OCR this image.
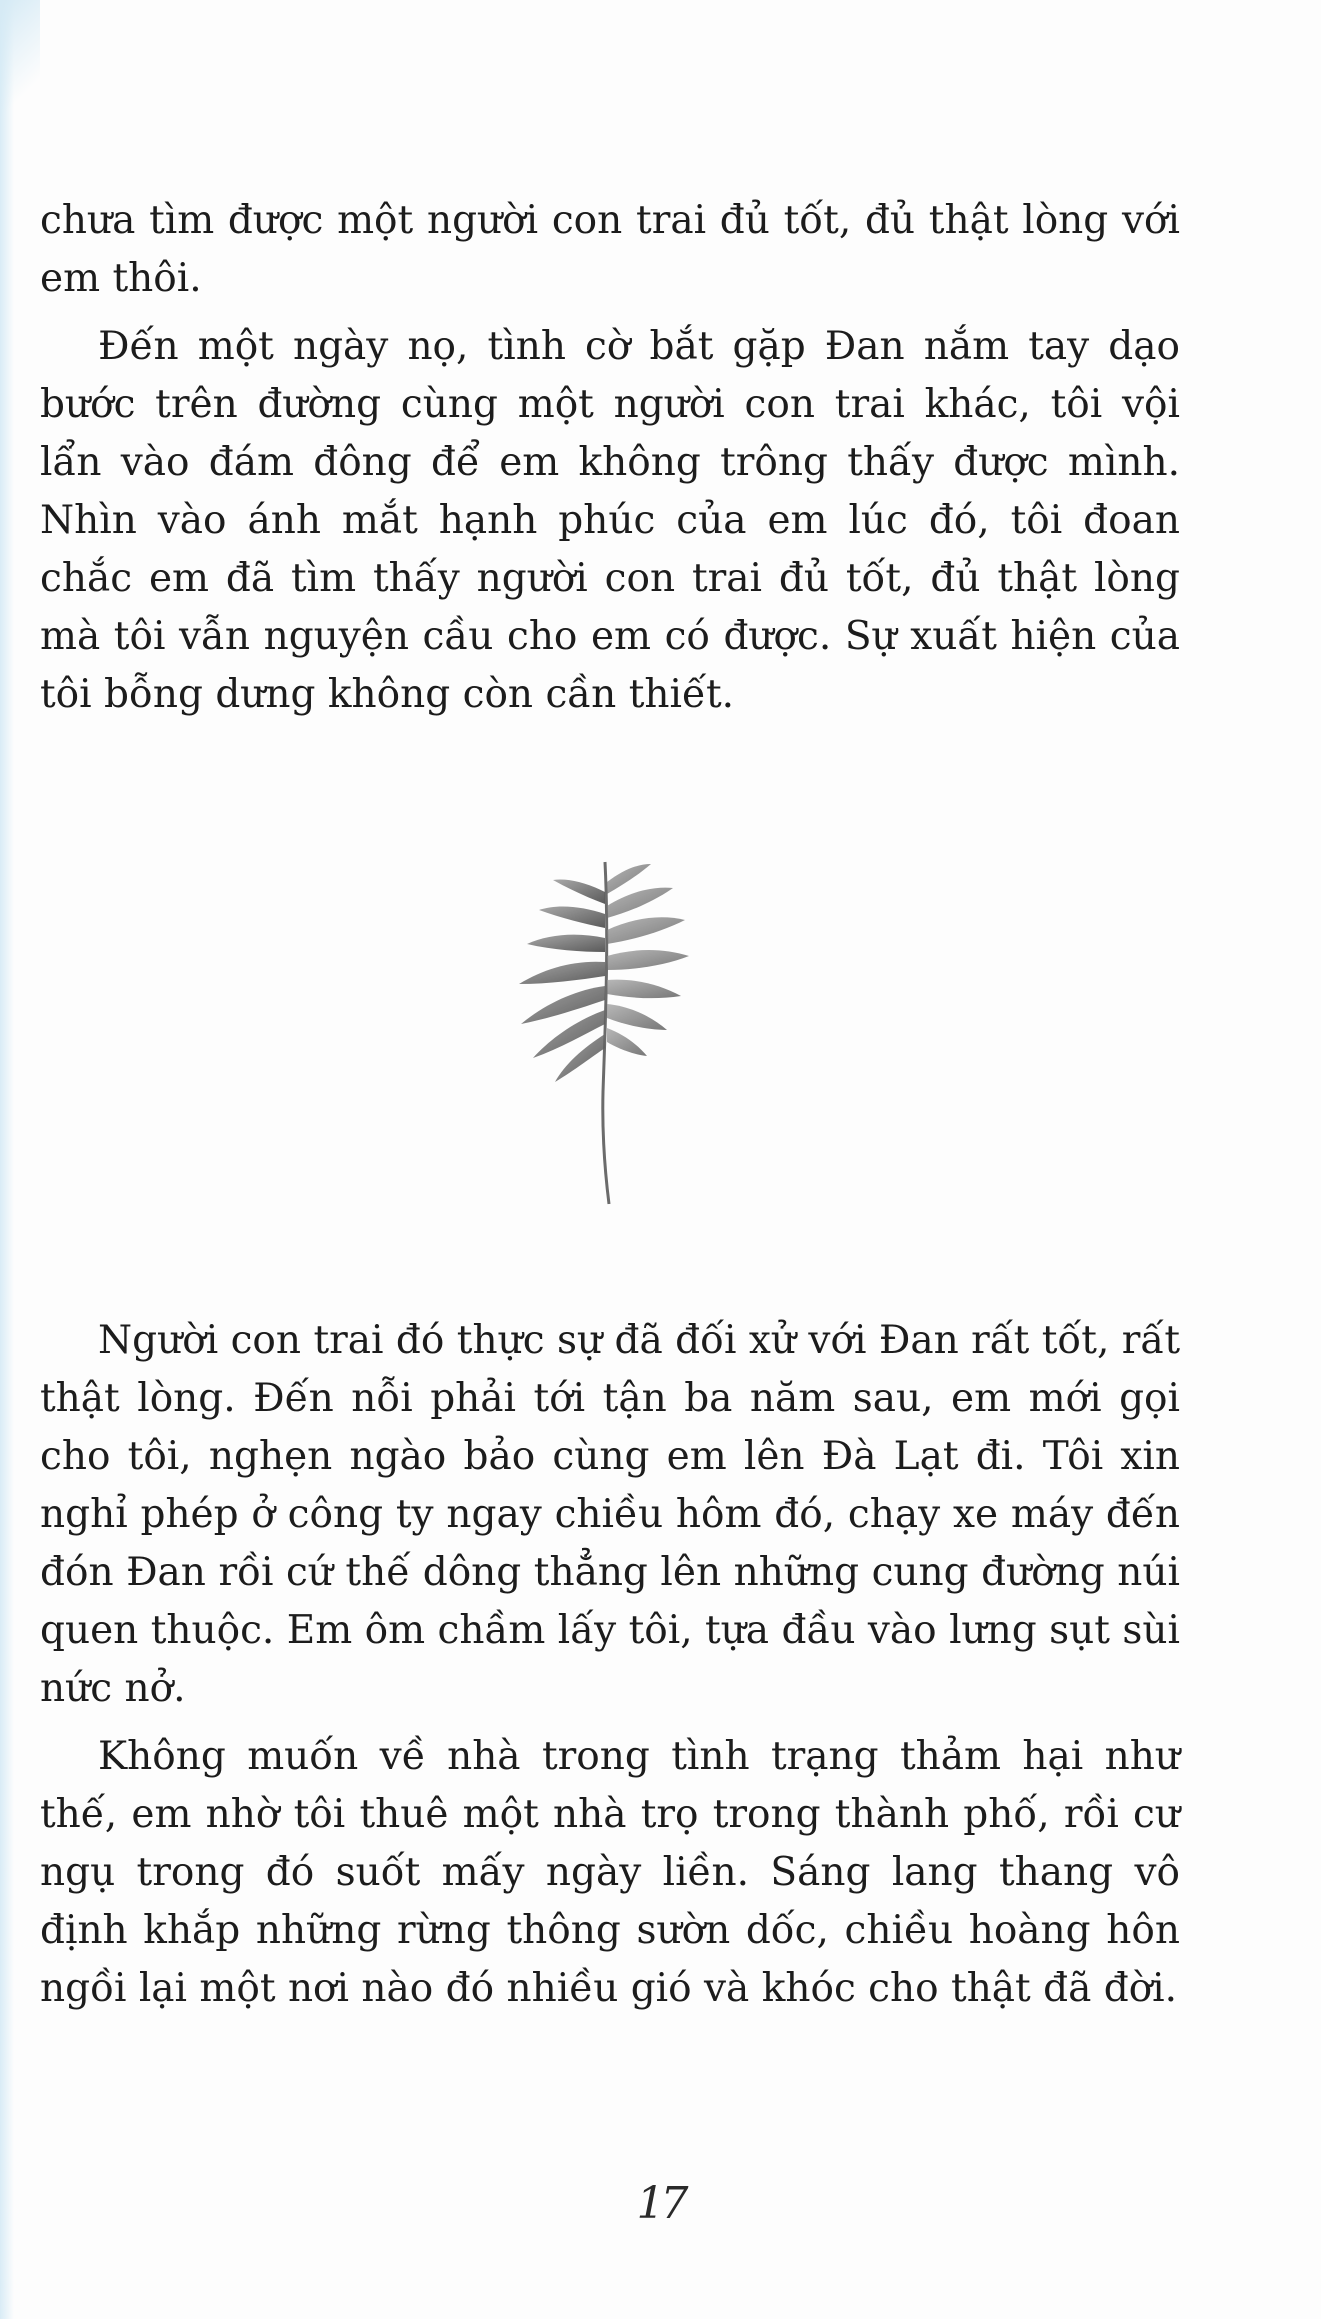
chưa tìm được một người con trai đủ tốt, đủ thật lòng với em thôi.

Đến một ngày nọ, tình cờ bắt gặp Đan nắm tay dạo bước trên đường cùng một người con trai khác, tôi vội lẩn vào đám đông để em không trông thấy được mình. Nhìn vào ánh mắt hạnh phúc của em lúc đó, tôi đoan chắc em đã tìm thấy người con trai đủ tốt, đủ thật lòng mà tôi vẫn nguyện cầu cho em có được. Sự xuất hiện của tôi bỗng dưng không còn cần thiết.

Người con trai đó thực sự đã đối xử với Đan rất tốt, rất thật lòng. Đến nỗi phải tới tận ba năm sau, em mới gọi cho tôi, nghẹn ngào bảo cùng em lên Đà Lạt đi. Tôi xin nghỉ phép ở công ty ngay chiều hôm đó, chạy xe máy đến đón Đan rồi cứ thế dông thẳng lên những cung đường núi quen thuộc. Em ôm chầm lấy tôi, tựa đầu vào lưng sụt sùi nức nở.

Không muốn về nhà trong tình trạng thảm hại như thế, em nhờ tôi thuê một nhà trọ trong thành phố, rồi cư ngụ trong đó suốt mấy ngày liền. Sáng lang thang vô định khắp những rừng thông sườn dốc, chiều hoàng hôn ngồi lại một nơi nào đó nhiều gió và khóc cho thật đã đời.

17
